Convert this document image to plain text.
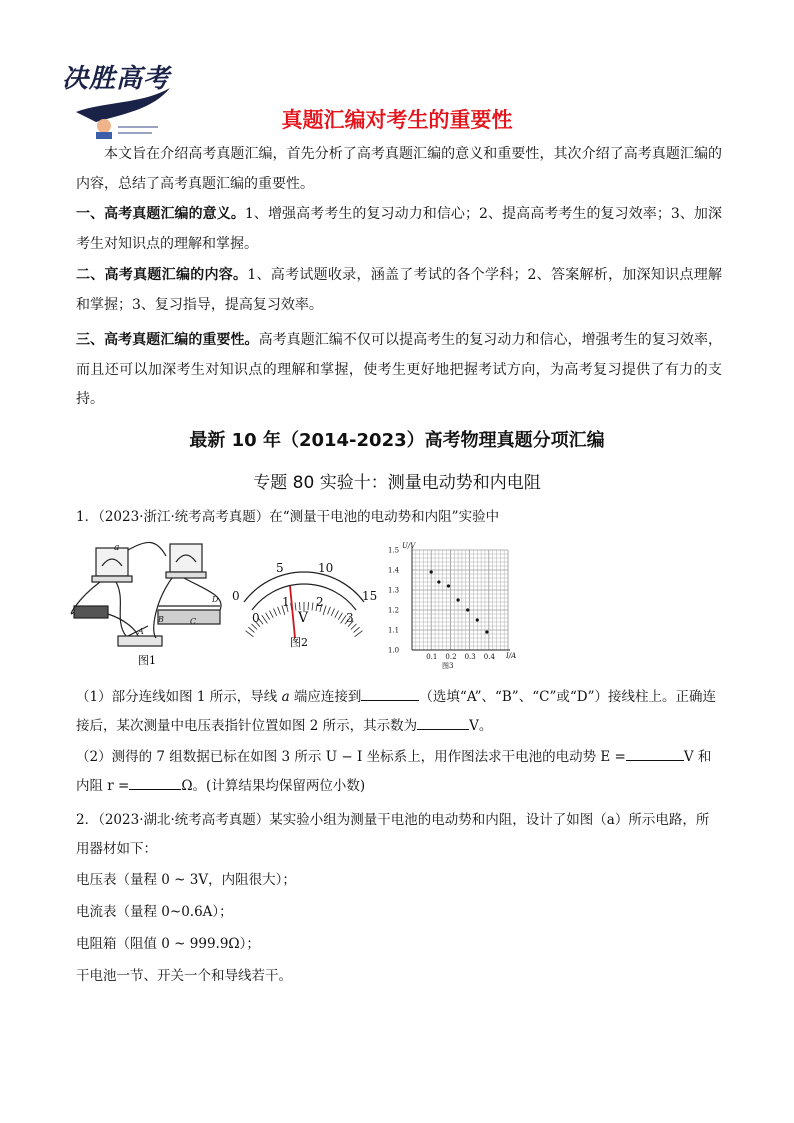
决胜高考
真题汇编对考生的重要性

本文旨在介绍高考真题汇编，首先分析了高考真题汇编的意义和重要性，其次介绍了高考真题汇编的内容，总结了高考真题汇编的重要性。

一、高考真题汇编的意义。1、增强高考考生的复习动力和信心；2、提高高考考生的复习效率；3、加深考生对知识点的理解和掌握。

二、高考真题汇编的内容。1、高考试题收录，涵盖了考试的各个学科；2、答案解析，加深知识点理解和掌握；3、复习指导，提高复习效率。

三、高考真题汇编的重要性。高考真题汇编不仅可以提高考生的复习动力和信心，增强考生的复习效率，而且还可以加深考生对知识点的理解和掌握，使考生更好地把握考试方向，为高考复习提供了有力的支持。

最新 10 年（2014-2023）高考物理真题分项汇编
专题 80 实验十：测量电动势和内电阻

1．（2023·浙江·统考高考真题）在“测量干电池的电动势和内阻”实验中

a
A
B	C
D
图1
0
5	10
15
0
1 2
3
V
图2
U/V
I/A
1.5
1.4
1.3
1.2
1.1
1.0
0.1 0.2 0.3 0.4
图3

（1）部分连线如图 1 所示，导线 a 端应连接到	（选填“A”、“B”、“C”或“D”）接线柱上。正确连接后，某次测量中电压表指针位置如图 2 所示，其示数为	V。

（2）测得的 7 组数据已标在如图 3 所示 U − I 坐标系上，用作图法求干电池的电动势 E =	V 和内阻 r =	Ω。(计算结果均保留两位小数)

2．（2023·湖北·统考高考真题）某实验小组为测量干电池的电动势和内阻，设计了如图（a）所示电路，所用器材如下：

电压表（量程 0 ~ 3V，内阻很大）；

电流表（量程 0~0.6A）；

电阻箱（阻值 0 ~ 999.9Ω）；

干电池一节、开关一个和导线若干。
